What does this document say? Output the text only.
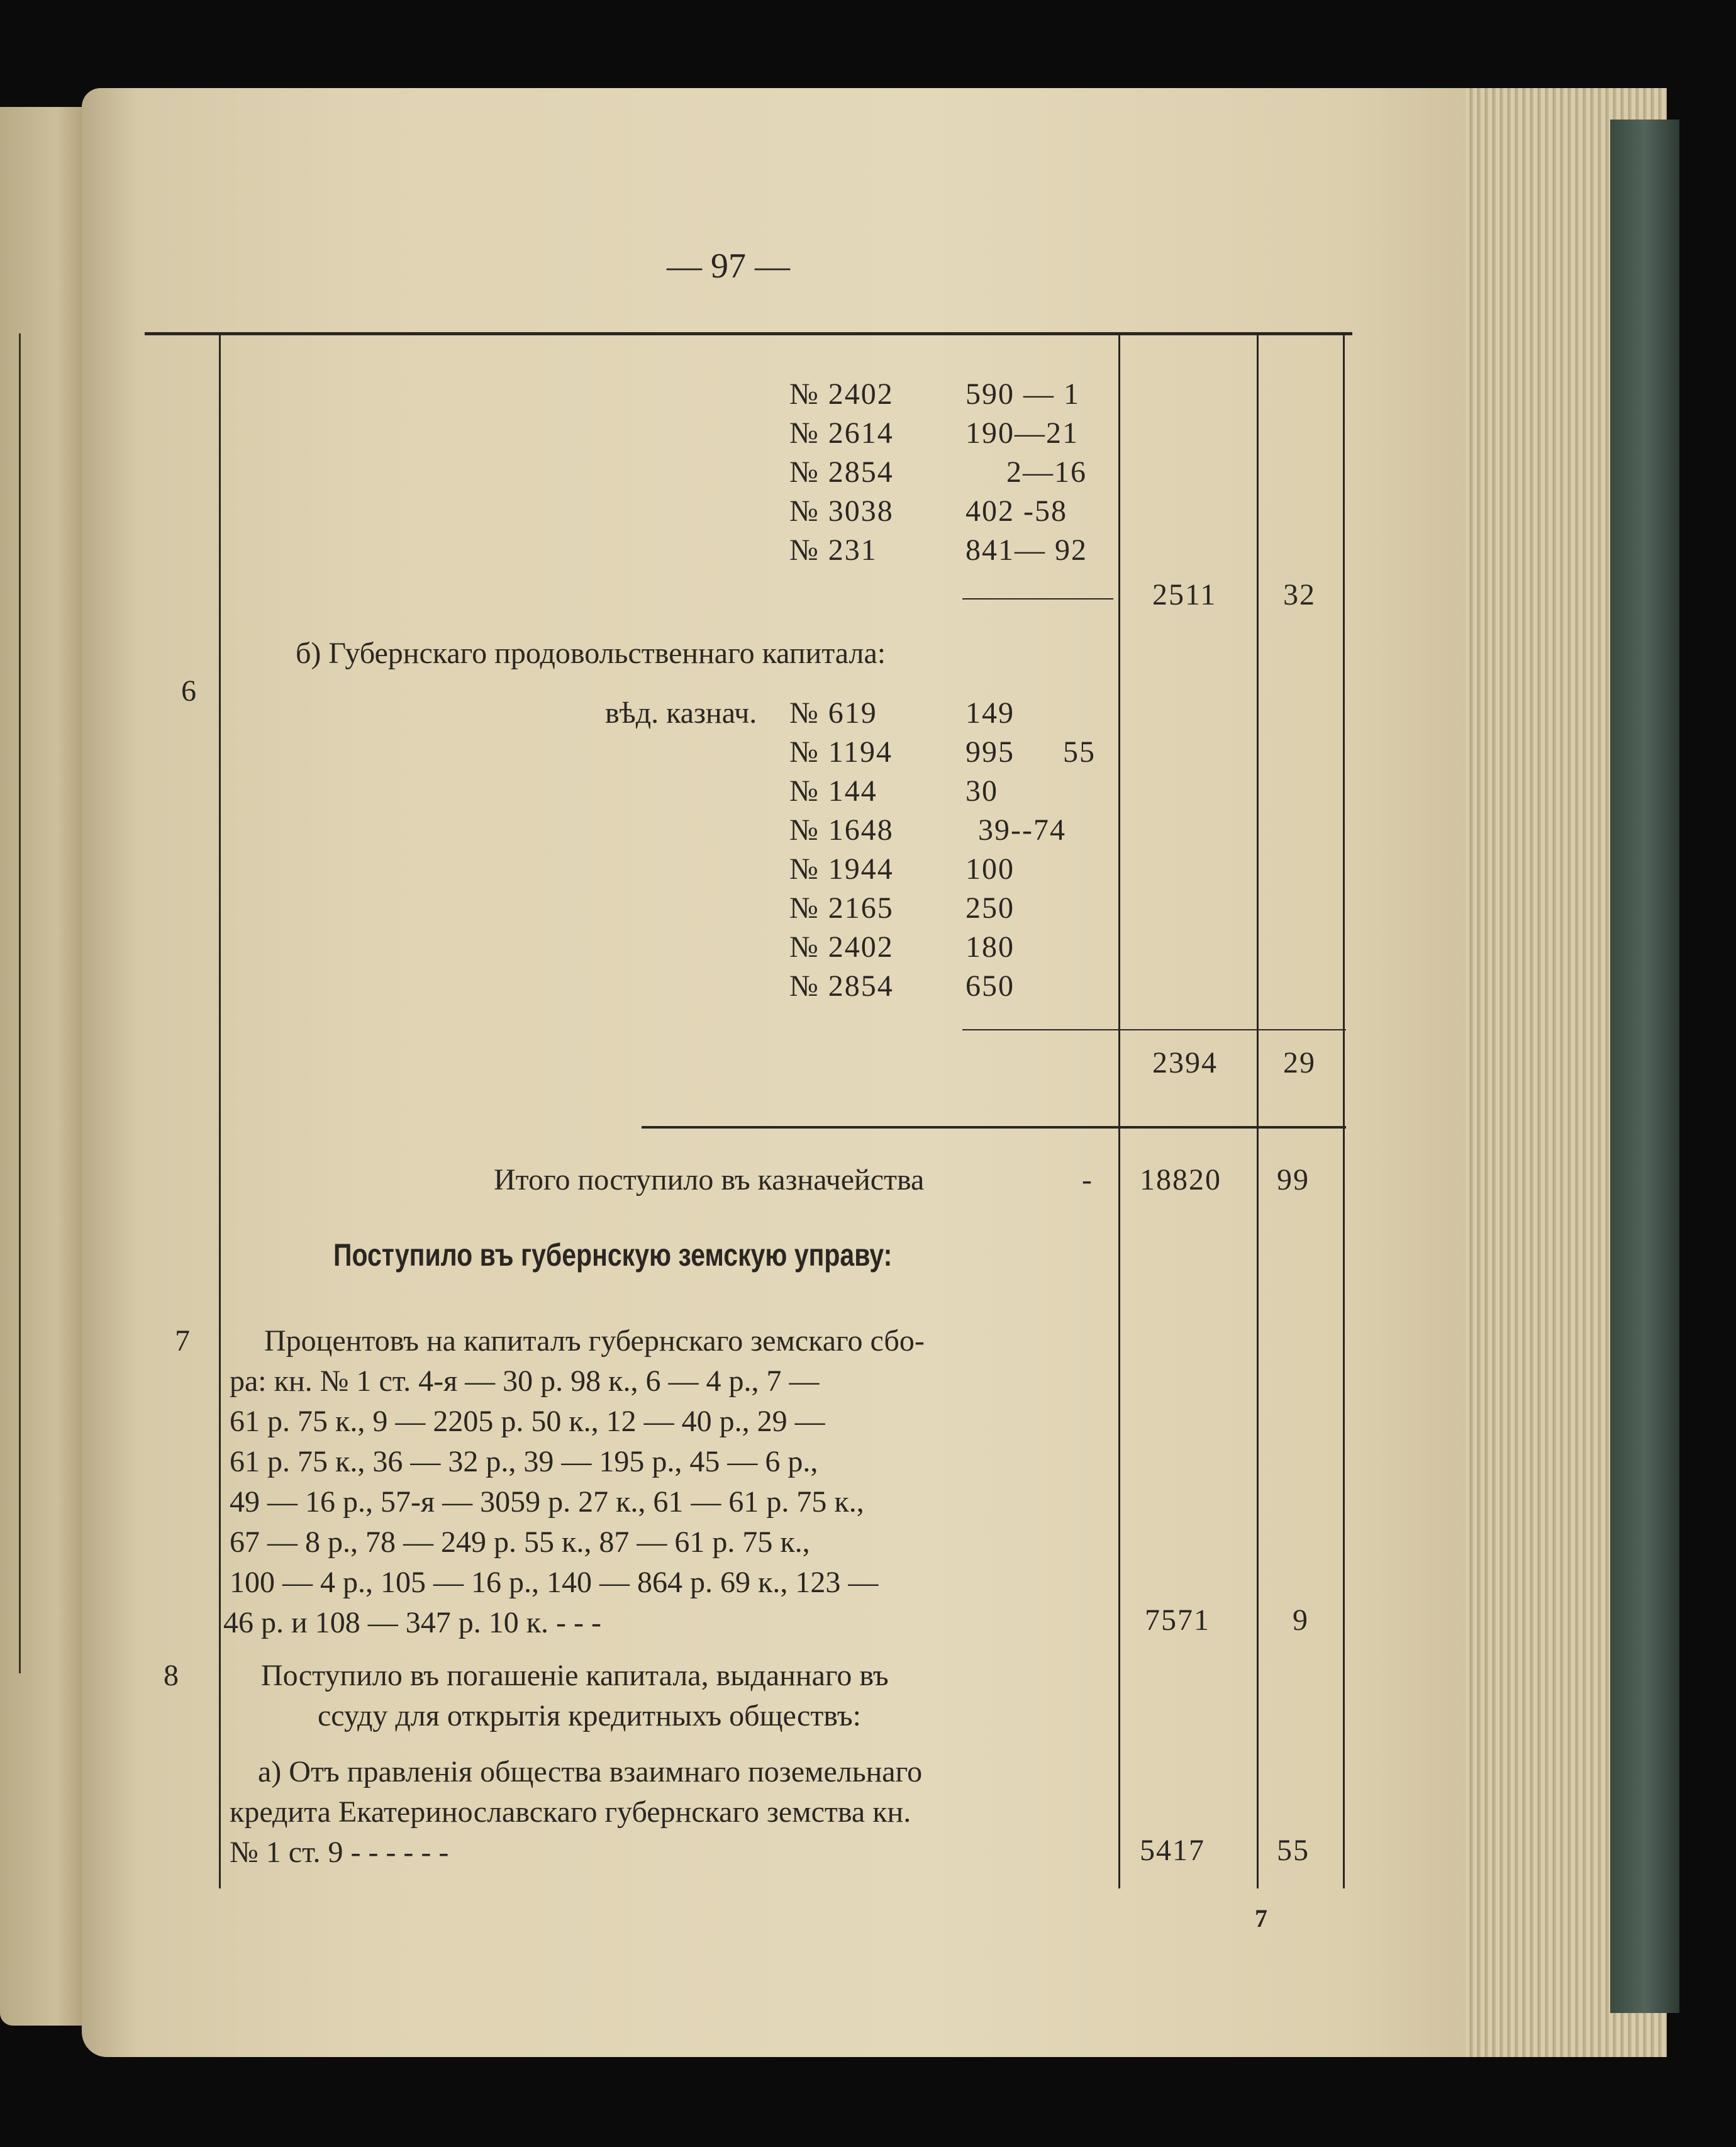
— 97 —
№ 2402 590 — 1
№ 2614 190—21
№ 2854	2—16
№ 3038 402 -58
№ 231	841— 92
2511 32
6
б) Губернскаго продовольственнаго капитала:
вѣд. казнач. № 619	149
№ 1194 995 55
№ 144	30
№ 1648	39--74
№ 1944 100
№ 2165 250
№ 2402 180
№ 2854 650
2394 29
Итого поступило въ казначейства	- 18820 99
Поступило въ губернскую земскую управу:
7 Процентовъ на капиталъ губернскаго земскаго сбо-
ра: кн. № 1 ст. 4-я — 30 р. 98 к., 6 — 4 р., 7 —
61 р. 75 к., 9 — 2205 р. 50 к., 12 — 40 р., 29 —
61 р. 75 к., 36 — 32 р., 39 — 195 р., 45 — 6 р.,
49 — 16 р., 57-я — 3059 р. 27 к., 61 — 61 р. 75 к.,
67 — 8 р., 78 — 249 р. 55 к., 87 — 61 р. 75 к.,
100 — 4 р., 105 — 16 р., 140 — 864 р. 69 к., 123 —
46 р. и 108 — 347 р. 10 к. - - -	7571	9
8	Поступило въ погашеніе капитала, выданнаго въ
ссуду для открытія кредитныхъ обществъ:
а) Отъ правленія общества взаимнаго поземельнаго
кредита Екатеринославскаго губернскаго земства кн.
№ 1 ст. 9 - - - - - -	5417 55
7
